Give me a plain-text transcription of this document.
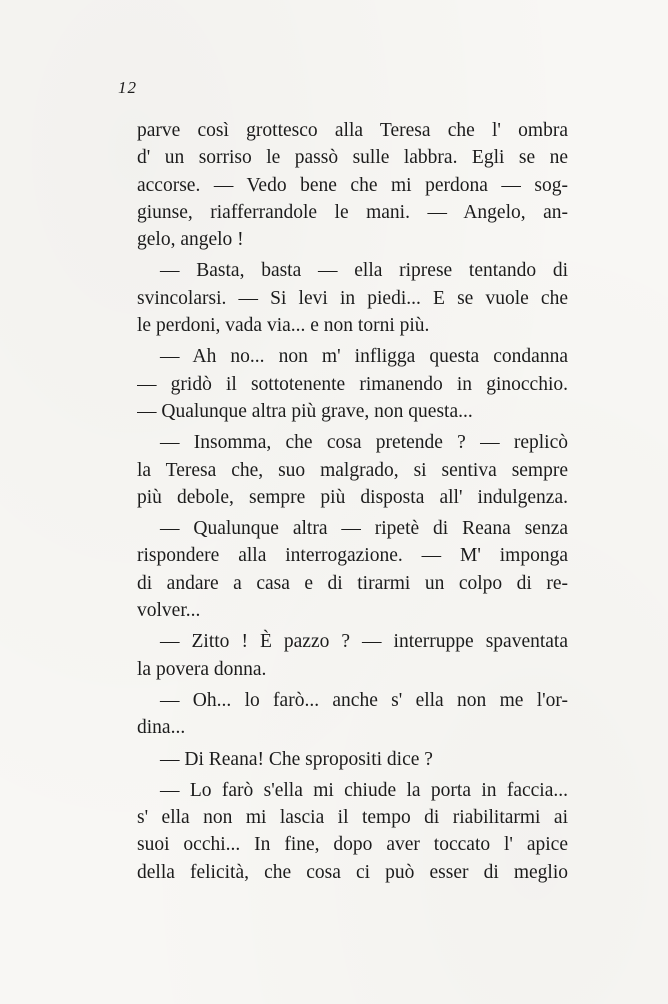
12
parve così grottesco alla Teresa che l' ombra
d' un sorriso le passò sulle labbra. Egli se ne
accorse. — Vedo bene che mi perdona — sog-
giunse, riafferrandole le mani. — Angelo, an-
gelo, angelo !
— Basta, basta — ella riprese tentando di
svincolarsi. — Si levi in piedi... E se vuole che
le perdoni, vada via... e non torni più.
— Ah no... non m' infligga questa condanna
— gridò il sottotenente rimanendo in ginocchio.
— Qualunque altra più grave, non questa...
— Insomma, che cosa pretende ? — replicò
la Teresa che, suo malgrado, si sentiva sempre
più debole, sempre più disposta all' indulgenza.
— Qualunque altra — ripetè di Reana senza
rispondere alla interrogazione. — M' imponga
di andare a casa e di tirarmi un colpo di re-
volver...
— Zitto ! È pazzo ? — interruppe spaventata
la povera donna.
— Oh... lo farò... anche s' ella non me l'or-
dina...
— Di Reana! Che spropositi dice ?
— Lo farò s'ella mi chiude la porta in faccia...
s' ella non mi lascia il tempo di riabilitarmi ai
suoi occhi... In fine, dopo aver toccato l' apice
della felicità, che cosa ci può esser di meglio
